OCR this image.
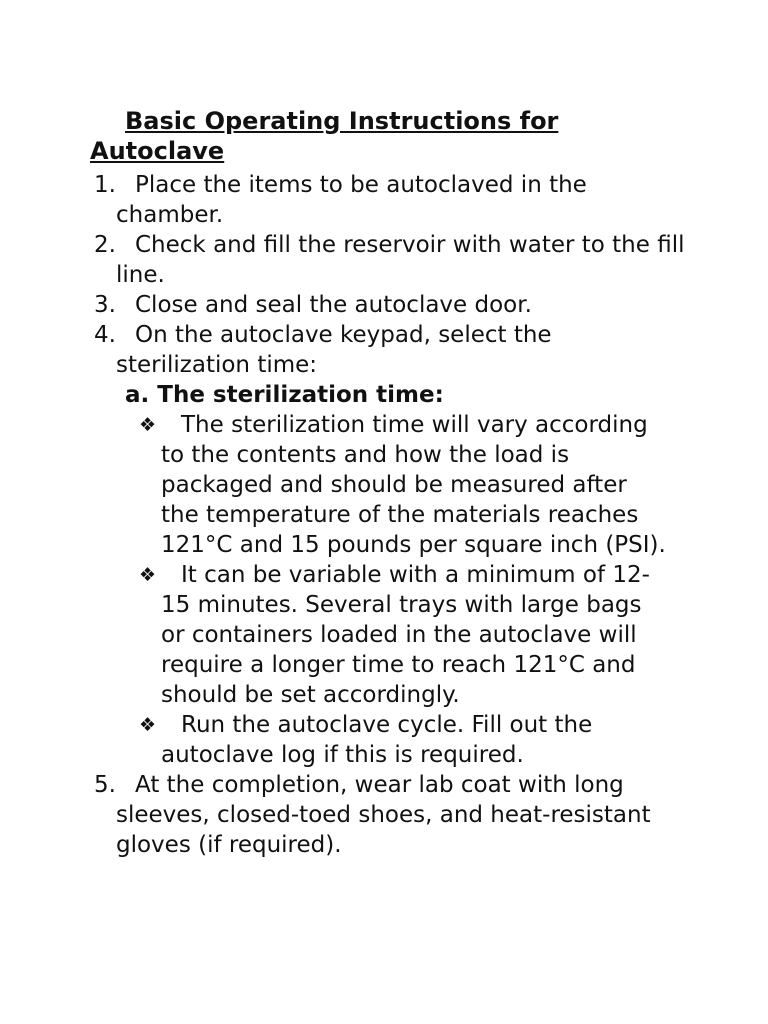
Basic Operating Instructions for Autoclave
1. Place the items to be autoclaved in the chamber.
2. Check and fill the reservoir with water to the fill line.
3. Close and seal the autoclave door.
4. On the autoclave keypad, select the sterilization time:
a. The sterilization time:
❖	The sterilization time will vary according to the contents and how the load is packaged and should be measured after the temperature of the materials reaches 121°C and 15 pounds per square inch (PSI).
❖	It can be variable with a minimum of 12-15 minutes. Several trays with large bags or containers loaded in the autoclave will require a longer time to reach 121°C and should be set accordingly.
❖	Run the autoclave cycle. Fill out the autoclave log if this is required.
5. At the completion, wear lab coat with long sleeves, closed-toed shoes, and heat-resistant gloves (if required).
